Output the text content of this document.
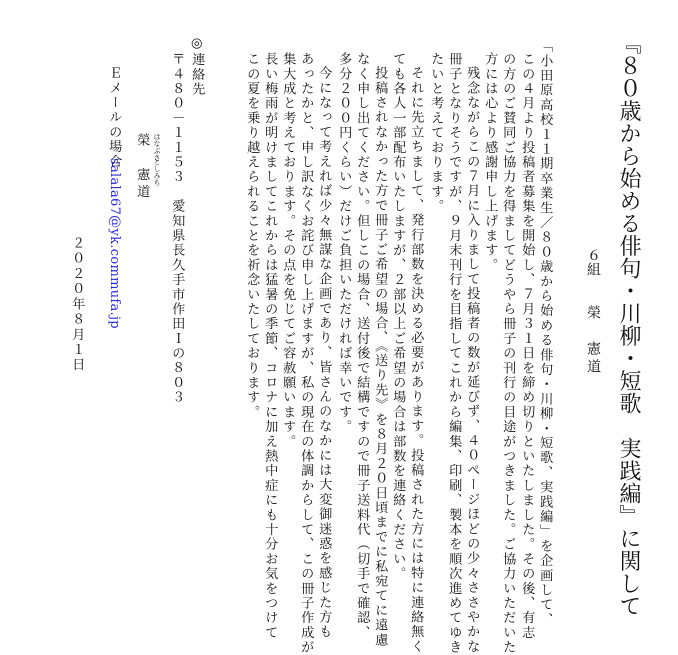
『８０歳から始める俳句・川柳・短歌　実践編』に関して
６組
榮　憲道
「小田原高校１１期卒業生／８０歳から始める俳句・川柳・短歌、実践編」を企画して、
この４月より投稿者募集を開始し、７月３１日を締め切りといたしました。その後、有志
の方のご賛同ご協力を得ましてどうやら冊子の刊行の目途がつきました。ご協力いただいた
方には心より感謝申し上げます。
残念ながらこの７月に入りまして投稿者の数が延びず、４０ページほどの少々ささやかな
冊子となりそうですが、９月末刊行を目指してこれから編集、印刷、製本を順次進めてゆき
たいと考えております。
それに先立ちまして、発行部数を決める必要があります。投稿された方には特に連絡無く
ても各人一部配布いたしますが、２部以上ご希望の場合は部数を連絡ください。
投稿されなかった方で冊子ご希望の場合、《送り先》を８月２０日頃までに私宛てに遠慮
なく申し出てください。但しこの場合、送付後で結構ですので冊子送料代（切手で確認、
多分２００円くらい）だけご負担いただければ幸いです。
今になって考えれば少々無謀な企画であり、皆さんのなかには大変御迷惑を感じた方も
あったかと、申し訳なくお詫び申し上げますが、私の現在の体調からして、この冊子作成が
集大成と考えております。その点を免じてご容赦願います。
長い梅雨が明けましてこれからは猛暑の季節、コロナに加え熱中症にも十分お気をつけて
この夏を乗り越えられることを祈念いたしております。
◎連絡先
〒４８０－１１５３　愛知県長久手市作田Ｉの８０３
はなぶさ
としみち
榮　憲道
Ｅメールの場合
salala67@yk.commufa.jp
２０２０年８月１日
